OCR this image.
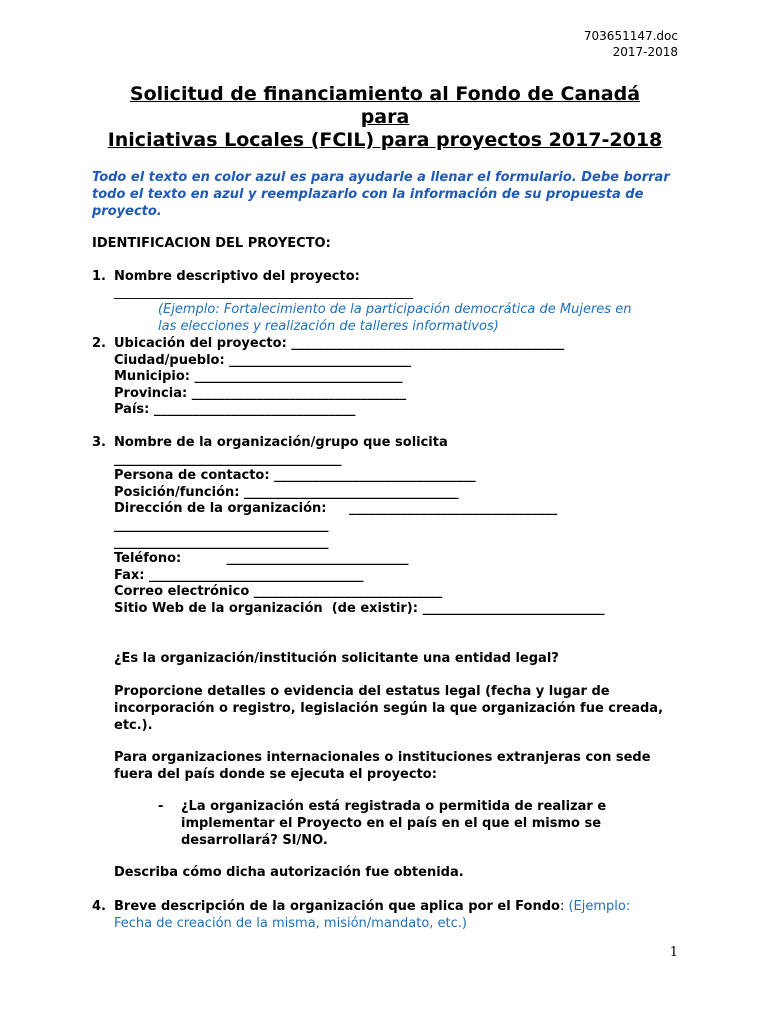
703651147.doc
2017-2018
Solicitud de financiamiento al Fondo de Canadá
para
Iniciativas Locales (FCIL) para proyectos 2017-2018
Todo el texto en color azul es para ayudarle a llenar el formulario. Debe borrar todo el texto en azul y reemplazarlo con la información de su propuesta de proyecto.
IDENTIFICACION DEL PROYECTO:
1. Nombre descriptivo del proyecto:
______________________________________________
(Ejemplo: Fortalecimiento de la participación democrática de Mujeres en
las elecciones y realización de talleres informativos)
2. Ubicación del proyecto: __________________________________________
Ciudad/pueblo: ____________________________
Municipio: ________________________________
Provincia: _________________________________
País: _______________________________
3. Nombre de la organización/grupo que solicita
___________________________________
Persona de contacto: _______________________________
Posición/función: _________________________________
Dirección de la organización:     ________________________________
_________________________________
_________________________________
Teléfono:          ____________________________
Fax: _________________________________
Correo electrónico _____________________________
Sitio Web de la organización  (de existir): ____________________________
¿Es la organización/institución solicitante una entidad legal?
Proporcione detalles o evidencia del estatus legal (fecha y lugar de incorporación o registro, legislación según la que organización fue creada, etc.).
Para organizaciones internacionales o instituciones extranjeras con sede fuera del país donde se ejecuta el proyecto:
- ¿La organización está registrada o permitida de realizar e implementar el Proyecto en el país en el que el mismo se desarrollará? SI/NO.
Describa cómo dicha autorización fue obtenida.
4. Breve descripción de la organización que aplica por el Fondo: (Ejemplo:
Fecha de creación de la misma, misión/mandato, etc.)
1
